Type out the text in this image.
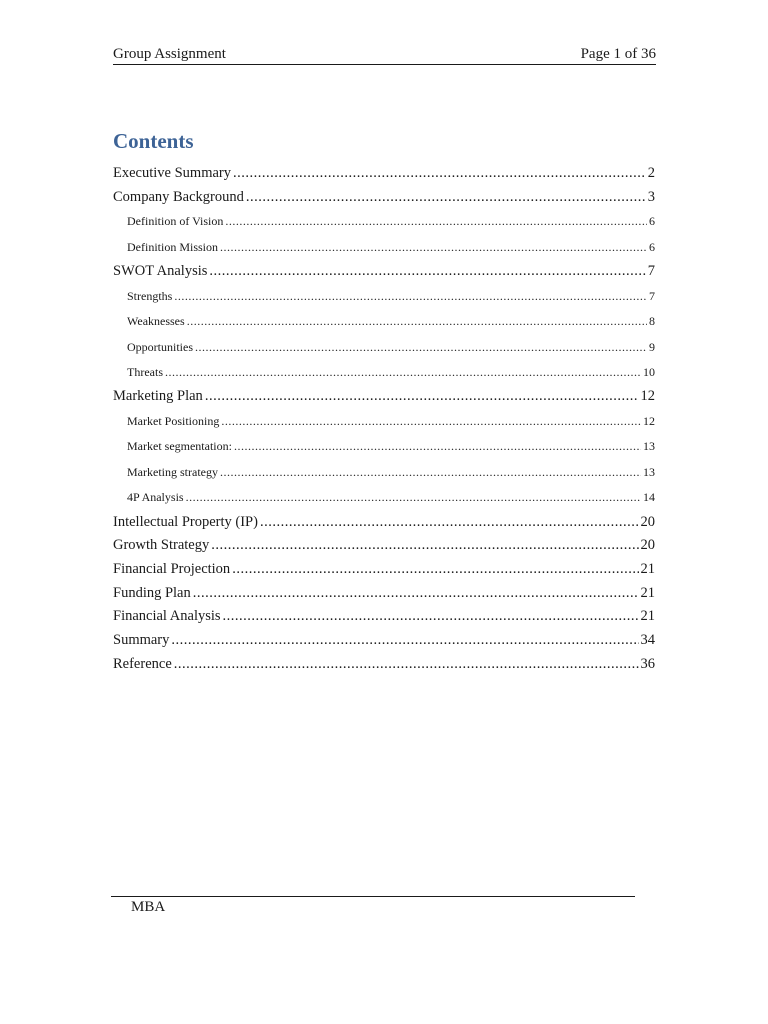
Group Assignment	Page 1 of 36
Contents
Executive Summary .....	2
Company Background .....	3
Definition of Vision .....	6
Definition Mission .....	6
SWOT Analysis .....	7
Strengths .....	7
Weaknesses .....	8
Opportunities .....	9
Threats .....	10
Marketing Plan .....	12
Market Positioning .....	12
Market segmentation: .....	13
Marketing strategy .....	13
4P Analysis .....	14
Intellectual Property (IP) .....	20
Growth Strategy .....	20
Financial Projection .....	21
Funding Plan .....	21
Financial Analysis .....	21
Summary .....	34
Reference .....	36
MBA
